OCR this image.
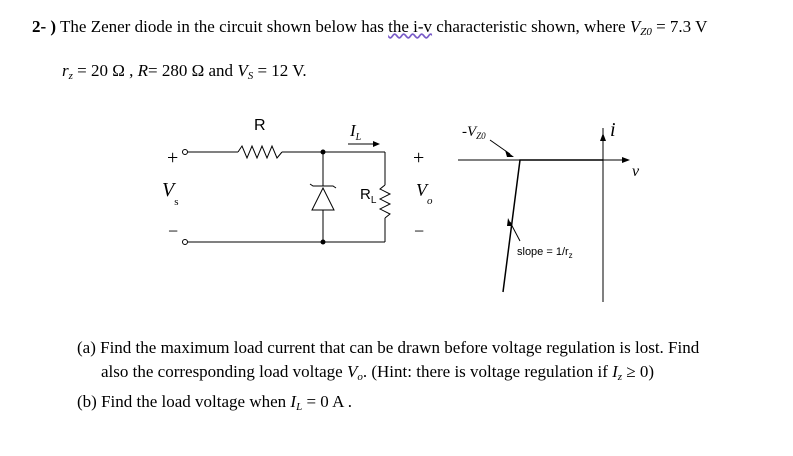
2- ) The Zener diode in the circuit shown below has the i-v characteristic shown, where $V_{Z0} = 7.3$ V
$r_z = 20$ Ω , R= 280 Ω and $V_S = 12$ V.
+
−
$V_s$
R	$I_L$
$R_L$
+
$V_o$
−
$-V_{Z0}$	i
v
slope = $1/r_z$
(a) Find the maximum load current that can be drawn before voltage regulation is lost. Find
also the corresponding load voltage $V_o$. (Hint: there is voltage regulation if $I_z \ge 0$)
(b) Find the load voltage when $I_L = 0$ A .
